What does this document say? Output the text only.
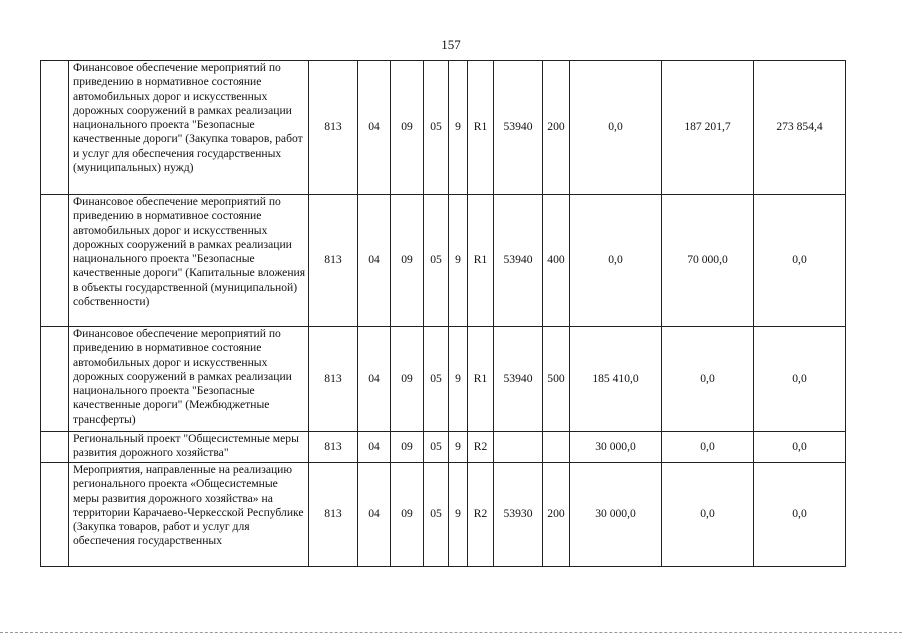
157
	Финансовое обеспечение мероприятий по приведению в нормативное состояние автомобильных дорог и искусственных дорожных сооружений в рамках реализации национального проекта "Безопасные качественные дороги" (Закупка товаров, работ и услуг для обеспечения государственных (муниципальных) нужд)	813	04	09	05	9	R1	53940	200	0,0	187 201,7	273 854,4
	Финансовое обеспечение мероприятий по приведению в нормативное состояние автомобильных дорог и искусственных дорожных сооружений в рамках реализации национального проекта "Безопасные качественные дороги" (Капитальные вложения в объекты государственной (муниципальной) собственности)	813	04	09	05	9	R1	53940	400	0,0	70 000,0	0,0
	Финансовое обеспечение мероприятий по приведению в нормативное состояние автомобильных дорог и искусственных дорожных сооружений в рамках реализации национального проекта "Безопасные качественные дороги" (Межбюджетные трансферты)	813	04	09	05	9	R1	53940	500	185 410,0	0,0	0,0
	Региональный проект "Общесистемные меры развития дорожного хозяйства"	813	04	09	05	9	R2			30 000,0	0,0	0,0
	Мероприятия, направленные на реализацию регионального проекта «Общесистемные меры развития дорожного хозяйства» на территории Карачаево-Черкесской Республике (Закупка товаров, работ и услуг для обеспечения государственных	813	04	09	05	9	R2	53930	200	30 000,0	0,0	0,0
